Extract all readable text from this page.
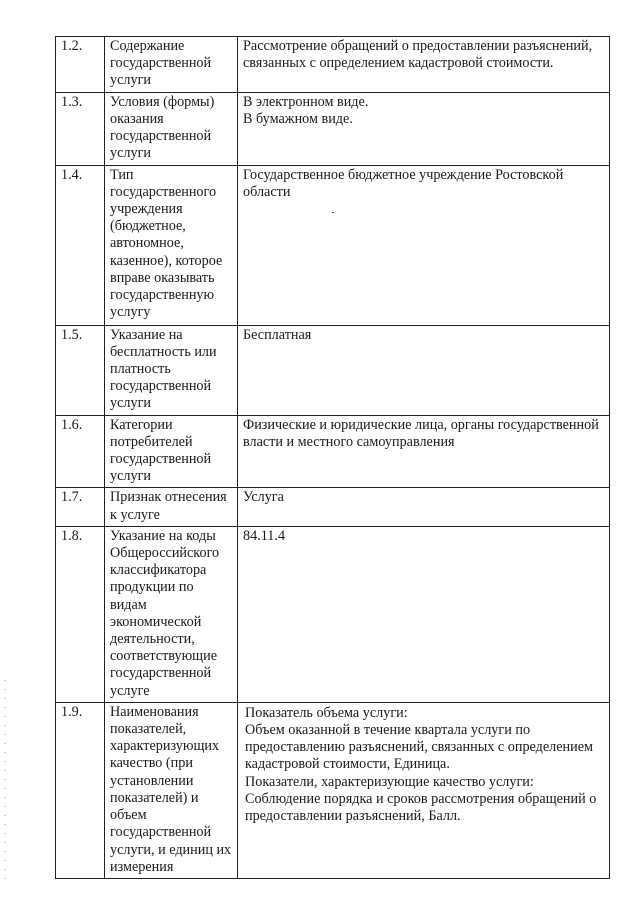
1.2.	Содержание государственной услуги	Рассмотрение обращений о предоставлении разъяснений, связанных с определением кадастровой стоимости.
1.3.	Условия (формы) оказания государственной услуги	В электронном виде.
В бумажном виде.

1.4.	Тип государственного учреждения (бюджетное, автономное, казенное), которое вправе оказывать государственную услугу	Государственное бюджетное учреждение Ростовской области
1.5.	Указание на бесплатность или платность государственной услуги	Бесплатная
1.6.	Категории потребителей государственной услуги	Физические и юридические лица, органы государственной власти и местного самоуправления
1.7.	Признак отнесения к услуге	Услуга
1.8.	Указание на коды Общероссийского классификатора продукции по видам экономической деятельности, соответствующие государственной услуге	84.11.4
1.9.	Наименования показателей, характеризующих качество (при установлении показателей) и объем государственной услуги, и единиц их измерения	Показатель объема услуги:
Объем оказанной в течение квартала услуги по предоставлению разъяснений, связанных с определением кадастровой стоимости, Единица.
Показатели, характеризующие качество услуги:
Соблюдение порядка и сроков рассмотрения обращений о предоставлении разъяснений, Балл.
